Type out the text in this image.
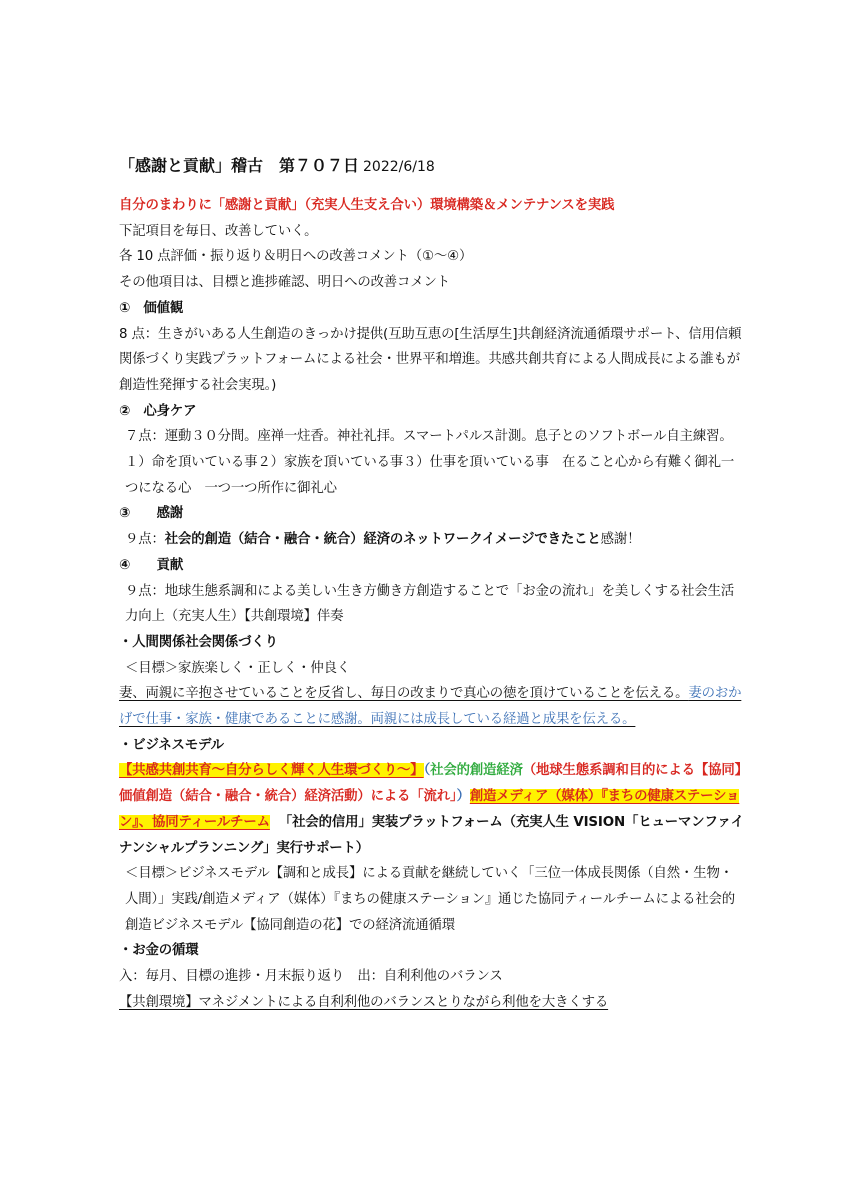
「感謝と貢献」稽古　第７０７日 2022/6/18

自分のまわりに「感謝と貢献」（充実人生支え合い）環境構築＆メンテナンスを実践

下記項目を毎日、改善していく。

各 10 点評価・振り返り＆明日への改善コメント（①～④）

その他項目は、目標と進捗確認、明日への改善コメント

①　価値観

8 点：生きがいある人生創造のきっかけ提供(互助互恵の[生活厚生]共創経済流通循環サポート、信用信頼関係づくり実践プラットフォームによる社会・世界平和増進。共感共創共育による人間成長による誰もが創造性発揮する社会実現。)

②　心身ケア

７点：運動３０分間。座禅一炷香。神社礼拝。スマートパルス計測。息子とのソフトボール自主練習。

１）命を頂いている事２）家族を頂いている事３）仕事を頂いている事　在ること心から有難く御礼一つになる心　一つ一つ所作に御礼心

③　　感謝

９点：社会的創造（結合・融合・統合）経済のネットワークイメージできたこと感謝！

④　　貢献

９点：地球生態系調和による美しい生き方働き方創造することで「お金の流れ」を美しくする社会生活力向上（充実人生）【共創環境】伴奏

・人間関係社会関係づくり

＜目標＞家族楽しく・正しく・仲良く

妻、両親に辛抱させていることを反省し、毎日の改まりで真心の徳を頂けていることを伝える。妻のおかげで仕事・家族・健康であることに感謝。両親には成長している経過と成果を伝える。

・ビジネスモデル

【共感共創共育～自分らしく輝く人生環づくり～】（社会的創造経済（地球生態系調和目的による【協同】価値創造（結合・融合・統合）経済活動）による「流れ」）創造メディア（媒体）『まちの健康ステーション』、協同ティールチーム 「社会的信用」実装プラットフォーム（充実人生 VISION「ヒューマンファイナンシャルプランニング」実行サポート）

＜目標＞ビジネスモデル【調和と成長】による貢献を継続していく「三位一体成長関係（自然・生物・人間）」実践/創造メディア（媒体）『まちの健康ステーション』通じた協同ティールチームによる社会的創造ビジネスモデル【協同創造の花】での経済流通循環

・お金の循環

入：毎月、目標の進捗・月末振り返り　出：自利利他のバランス

【共創環境】マネジメントによる自利利他のバランスとりながら利他を大きくする
